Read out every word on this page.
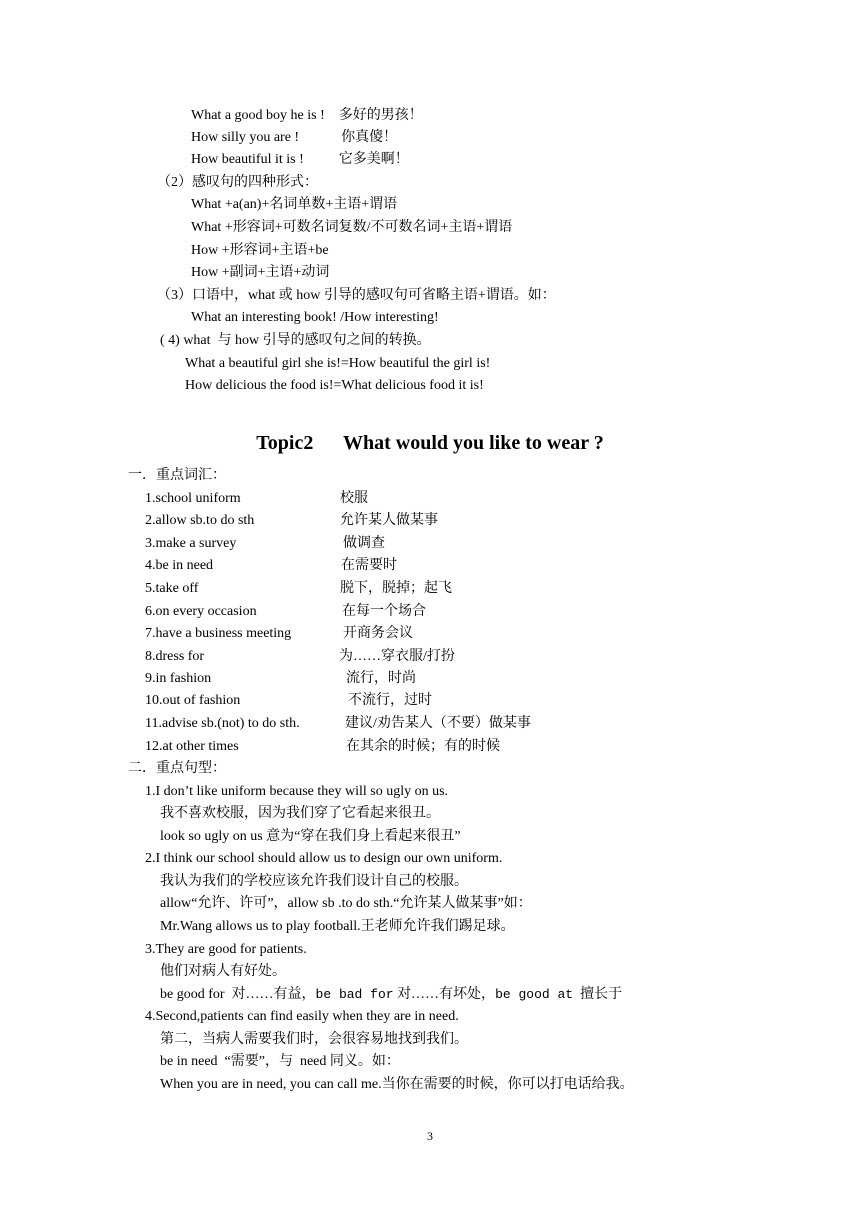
What a good boy he is !    多好的男孩！
How silly you are !            你真傻！
How beautiful it is !          它多美啊！
（2）感叹句的四种形式：
What +a(an)+名词单数+主语+谓语
What +形容词+可数名词复数/不可数名词+主语+谓语
How +形容词+主语+be
How +副词+主语+动词
（3）口语中，what 或 how 引导的感叹句可省略主语+谓语。如：
What an interesting book! /How interesting!
( 4) what  与 how 引导的感叹句之间的转换。
What a beautiful girl she is!=How beautiful the girl is!
How delicious the food is!=What delicious food it is!
Topic2      What would you like to wear ?
一．重点词汇：
1.school uniform	校服
2.allow sb.to do sth	允许某人做某事
3.make a survey	做调查
4.be in need	在需要时
5.take off	脱下，脱掉；起飞
6.on every occasion	在每一个场合
7.have a business meeting	开商务会议
8.dress for	为……穿衣服/打扮
9.in fashion	流行，时尚
10.out of fashion	不流行，过时
11.advise sb.(not) to do sth.	建议/劝告某人（不要）做某事
12.at other times	在其余的时候；有的时候
二．重点句型：
1.I don’t like uniform because they will so ugly on us.
我不喜欢校服，因为我们穿了它看起来很丑。
look so ugly on us 意为“穿在我们身上看起来很丑”
2.I think our school should allow us to design our own uniform.
我认为我们的学校应该允许我们设计自己的校服。
allow“允许、许可”，allow sb .to do sth.“允许某人做某事”如：
Mr.Wang allows us to play football.王老师允许我们踢足球。
3.They are good for patients.
他们对病人有好处。
be good for  对……有益，be bad for 对……有坏处，be good at  擅长于
4.Second,patients can find easily when they are in need.
第二，当病人需要我们时，会很容易地找到我们。
be in need  “需要”，与  need 同义。如：
When you are in need, you can call me.当你在需要的时候，你可以打电话给我。
3
